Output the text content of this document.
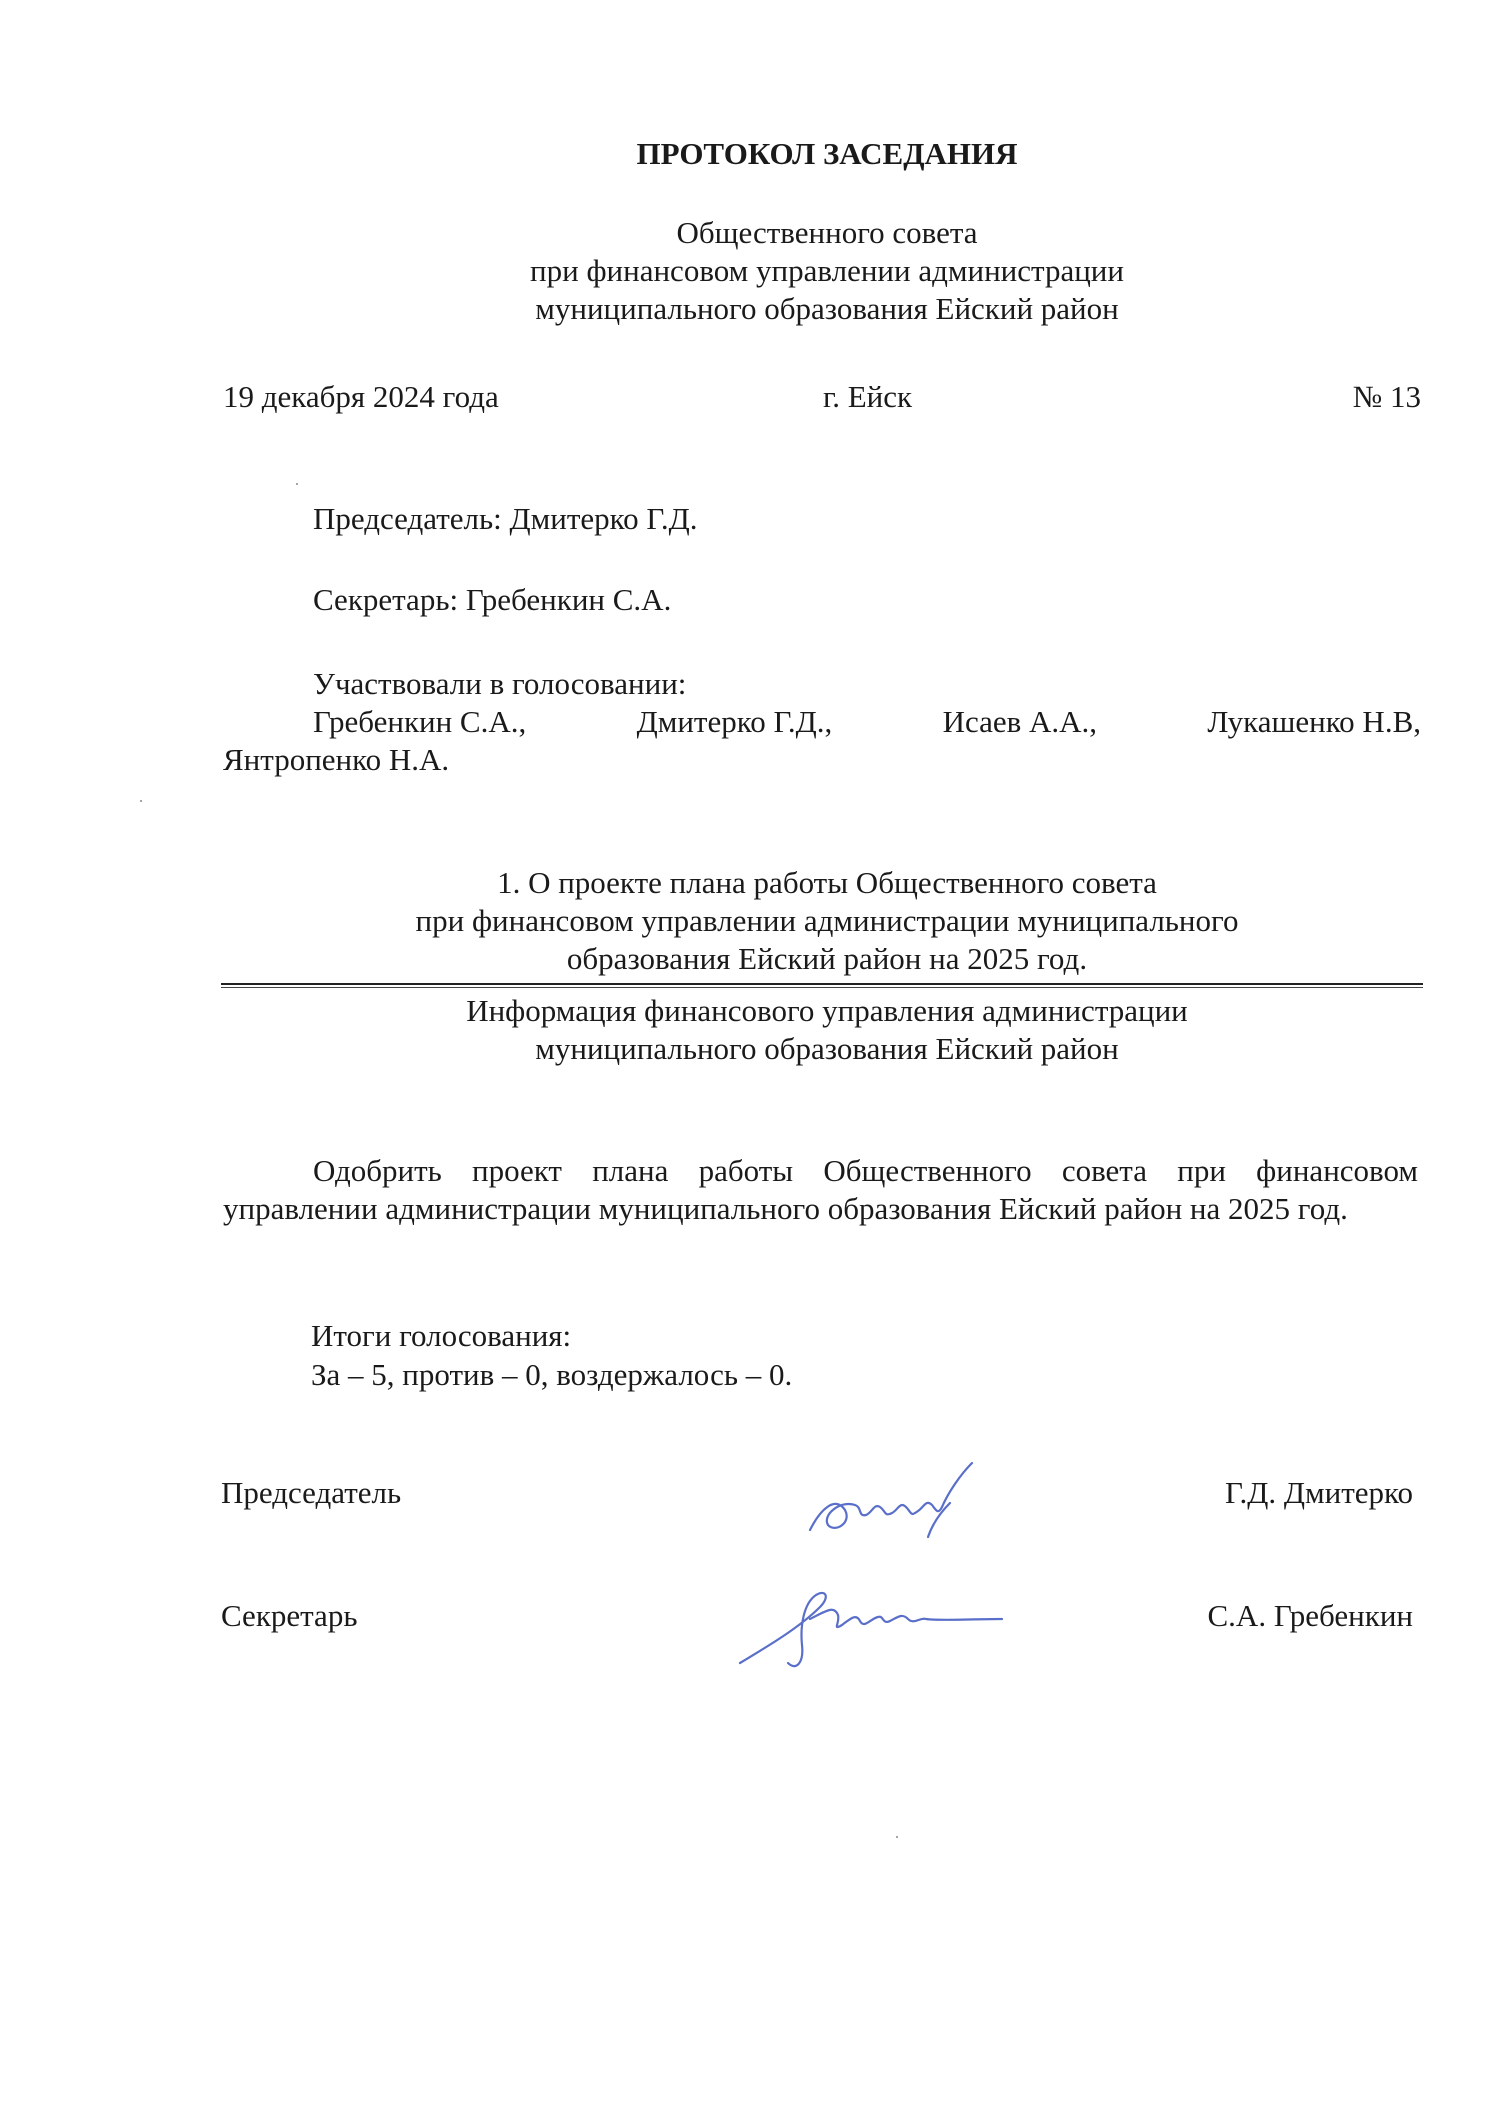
ПРОТОКОЛ ЗАСЕДАНИЯ
Общественного совета
при финансовом управлении администрации
муниципального образования Ейский район
19 декабря 2024 года	г. Ейск	№ 13
Председатель: Дмитерко Г.Д.
Секретарь: Гребенкин С.А.
Участвовали в голосовании:
Гребенкин С.А.,	Дмитерко Г.Д.,	Исаев А.А.,	Лукашенко Н.В,
Янтропенко Н.А.
1. О проекте плана работы Общественного совета
при финансовом управлении администрации муниципального
образования Ейский район на 2025 год.
Информация финансового управления администрации
муниципального образования Ейский район
Одобрить проект плана работы Общественного совета при финансовом управлении администрации муниципального образования Ейский район на 2025 год.
Итоги голосования:
За – 5, против – 0, воздержалось – 0.
Председатель	Г.Д. Дмитерко
Секретарь	С.А. Гребенкин
